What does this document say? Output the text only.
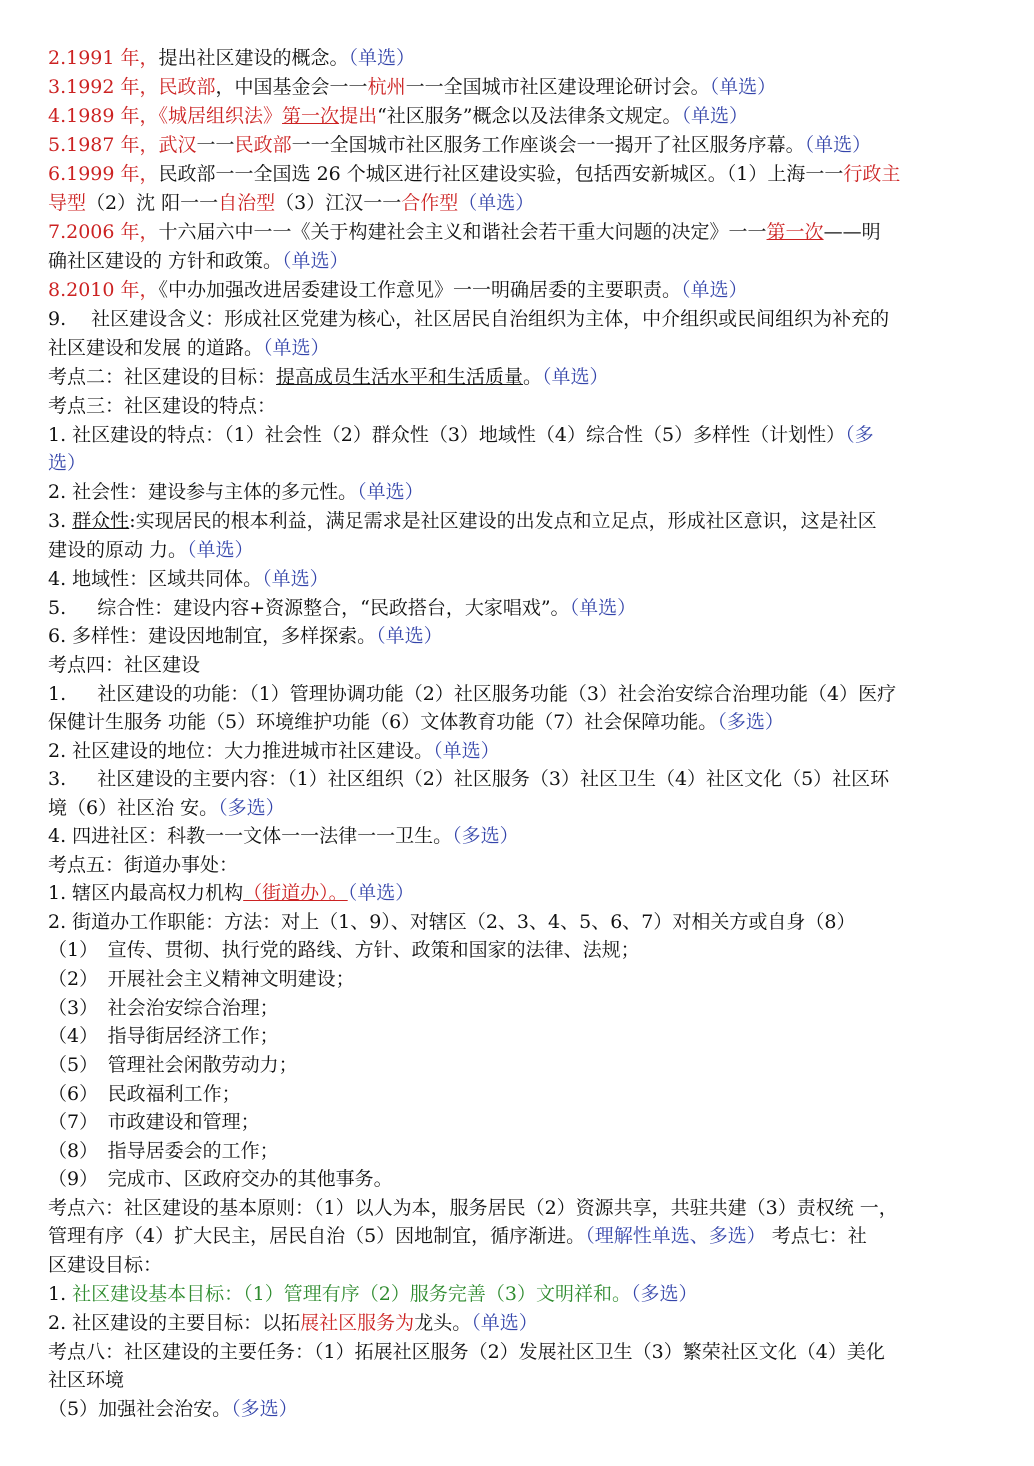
2.1991 年，提出社区建设的概念。（单选）
3.1992 年，民政部，中国基金会一一杭州一一全国城市社区建设理论研讨会。（单选）
4.1989 年，《城居组织法》第一次提出“社区服务”概念以及法律条文规定。（单选）
5.1987 年，武汉一一民政部一一全国城市社区服务工作座谈会一一揭开了社区服务序幕。（单选）
6.1999 年，民政部一一全国选 26 个城区进行社区建设实验，包括西安新城区。（1）上海一一行政主
导型（2）沈 阳一一自治型（3）江汉一一合作型（单选）
7.2006 年，十六届六中一一《关于构建社会主义和谐社会若干重大问题的决定》一一第一次——明
确社区建设的 方针和政策。（单选）
8.2010 年，《中办加强改进居委建设工作意见》一一明确居委的主要职责。（单选）
9.　 社区建设含义：形成社区党建为核心，社区居民自治组织为主体，中介组织或民间组织为补充的
社区建设和发展 的道路。（单选）
考点二：社区建设的目标：提高成员生活水平和生活质量。（单选）
考点三：社区建设的特点：
1. 社区建设的特点：（1）社会性（2）群众性（3）地域性（4）综合性（5）多样性（计划性）（多
选）
2. 社会性：建设参与主体的多元性。（单选）
3. 群众性:实现居民的根本利益，满足需求是社区建设的出发点和立足点，形成社区意识，这是社区
建设的原动 力。（单选）
4. 地域性：区域共同体。（单选）
5. 　 综合性：建设内容+资源整合，“民政搭台，大家唱戏”。（单选）
6. 多样性：建设因地制宜，多样探索。（单选）
考点四：社区建设
1. 　 社区建设的功能：（1）管理协调功能（2）社区服务功能（3）社会治安综合治理功能（4）医疗
保健计生服务 功能（5）环境维护功能（6）文体教育功能（7）社会保障功能。（多选）
2. 社区建设的地位：大力推进城市社区建设。（单选）
3. 　 社区建设的主要内容：（1）社区组织（2）社区服务（3）社区卫生（4）社区文化（5）社区环
境（6）社区治 安。（多选）
4. 四进社区：科教一一文体一一法律一一卫生。（多选）
考点五：街道办事处：
1. 辖区内最高权力机构（街道办）。（单选）
2. 街道办工作职能：方法：对上（1、9）、对辖区（2、3、4、5、6、7）对相关方或自身（8）
（1）　宣传、贯彻、执行党的路线、方针、政策和国家的法律、法规；
（2）　开展社会主义精神文明建设；
（3）　社会治安综合治理；
（4）　指导街居经济工作；
（5）　管理社会闲散劳动力；
（6）　民政福利工作；
（7）　市政建设和管理；
（8）　指导居委会的工作；
（9）　完成市、区政府交办的其他事务。
考点六：社区建设的基本原则：（1）以人为本，服务居民（2）资源共享，共驻共建（3）责权统 一，
管理有序（4）扩大民主，居民自治（5）因地制宜，循序渐进。（理解性单选、多选） 考点七：社
区建设目标：
1. 社区建设基本目标：（1）管理有序（2）服务完善（3）文明祥和。（多选）
2. 社区建设的主要目标：以拓展社区服务为龙头。（单选）
考点八：社区建设的主要任务：（1）拓展社区服务（2）发展社区卫生（3）繁荣社区文化（4）美化
社区环境
（5）加强社会治安。（多选）
